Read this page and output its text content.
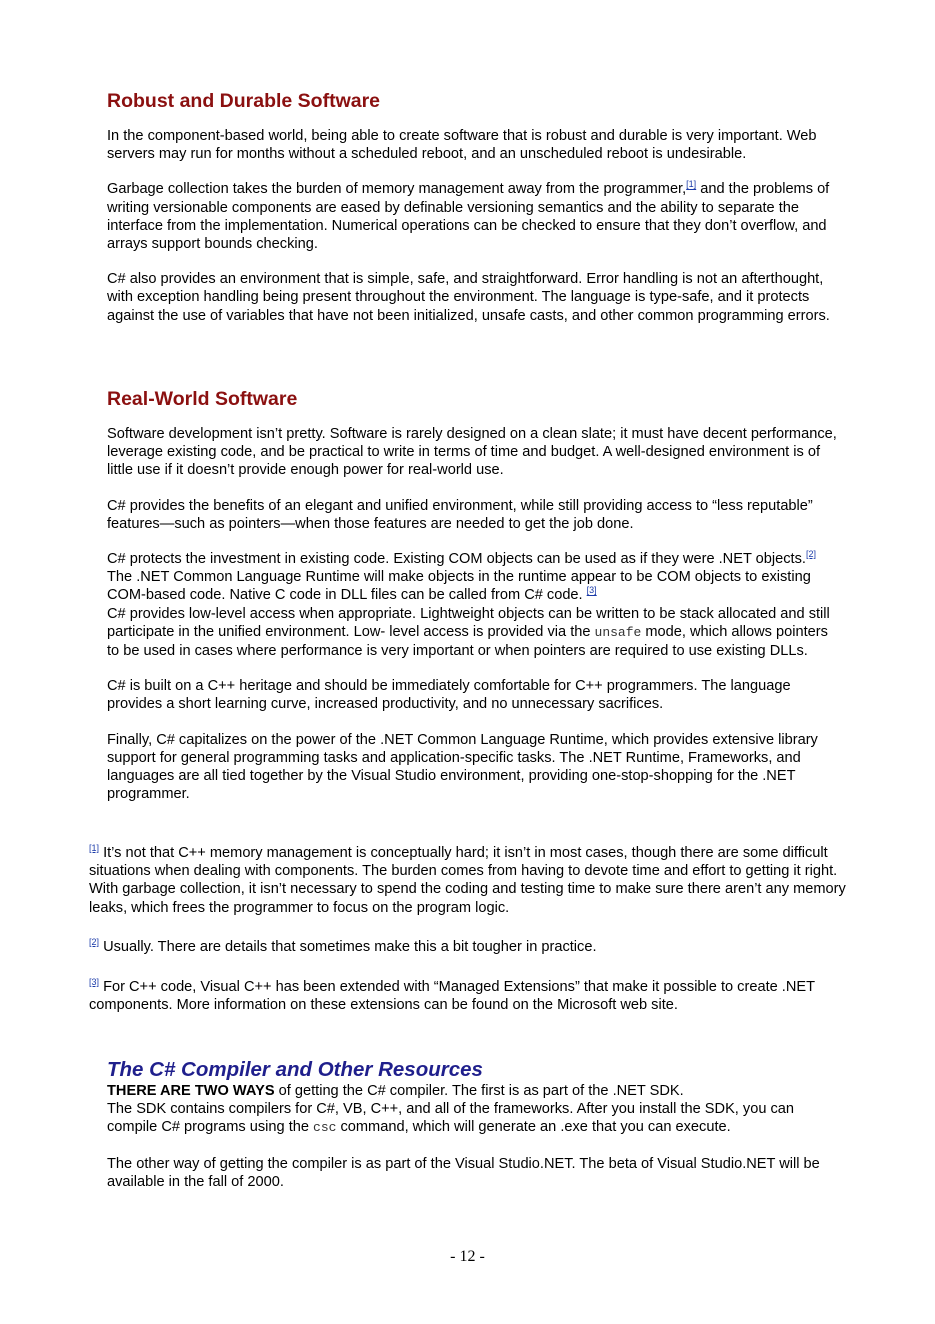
Robust and Durable Software

In the component-based world, being able to create software that is robust and durable is very important. Web servers may run for months without a scheduled reboot, and an unscheduled reboot is undesirable.

Garbage collection takes the burden of memory management away from the programmer,[1] and the problems of writing versionable components are eased by definable versioning semantics and the ability to separate the interface from the implementation. Numerical operations can be checked to ensure that they don’t overflow, and arrays support bounds checking.

C# also provides an environment that is simple, safe, and straightforward. Error handling is not an afterthought, with exception handling being present throughout the environment. The language is type-safe, and it protects against the use of variables that have not been initialized, unsafe casts, and other common programming errors.

Real-World Software

Software development isn’t pretty. Software is rarely designed on a clean slate; it must have decent performance, leverage existing code, and be practical to write in terms of time and budget. A well-designed environment is of little use if it doesn’t provide enough power for real-world use.

C# provides the benefits of an elegant and unified environment, while still providing access to “less reputable” features—such as pointers—when those features are needed to get the job done.

C# protects the investment in existing code. Existing COM objects can be used as if they were .NET objects.[2] The .NET Common Language Runtime will make objects in the runtime appear to be COM objects to existing COM-based code. Native C code in DLL files can be called from C# code. [3]
C# provides low-level access when appropriate. Lightweight objects can be written to be stack allocated and still participate in the unified environment. Low- level access is provided via the unsafe mode, which allows pointers to be used in cases where performance is very important or when pointers are required to use existing DLLs.

C# is built on a C++ heritage and should be immediately comfortable for C++ programmers. The language provides a short learning curve, increased productivity, and no unnecessary sacrifices.

Finally, C# capitalizes on the power of the .NET Common Language Runtime, which provides extensive library support for general programming tasks and application-specific tasks. The .NET Runtime, Frameworks, and languages are all tied together by the Visual Studio environment, providing one-stop-shopping for the .NET programmer.

[1] It’s not that C++ memory management is conceptually hard; it isn’t in most cases, though there are some difficult situations when dealing with components. The burden comes from having to devote time and effort to getting it right. With garbage collection, it isn’t necessary to spend the coding and testing time to make sure there aren’t any memory leaks, which frees the programmer to focus on the program logic.

[2] Usually. There are details that sometimes make this a bit tougher in practice.

[3] For C++ code, Visual C++ has been extended with “Managed Extensions” that make it possible to create .NET components. More information on these extensions can be found on the Microsoft web site.

The C# Compiler and Other Resources

THERE ARE TWO WAYS of getting the C# compiler. The first is as part of the .NET SDK.
The SDK contains compilers for C#, VB, C++, and all of the frameworks. After you install the SDK, you can compile C# programs using the csc command, which will generate an .exe that you can execute.

The other way of getting the compiler is as part of the Visual Studio.NET. The beta of Visual Studio.NET will be available in the fall of 2000.

- 12 -
